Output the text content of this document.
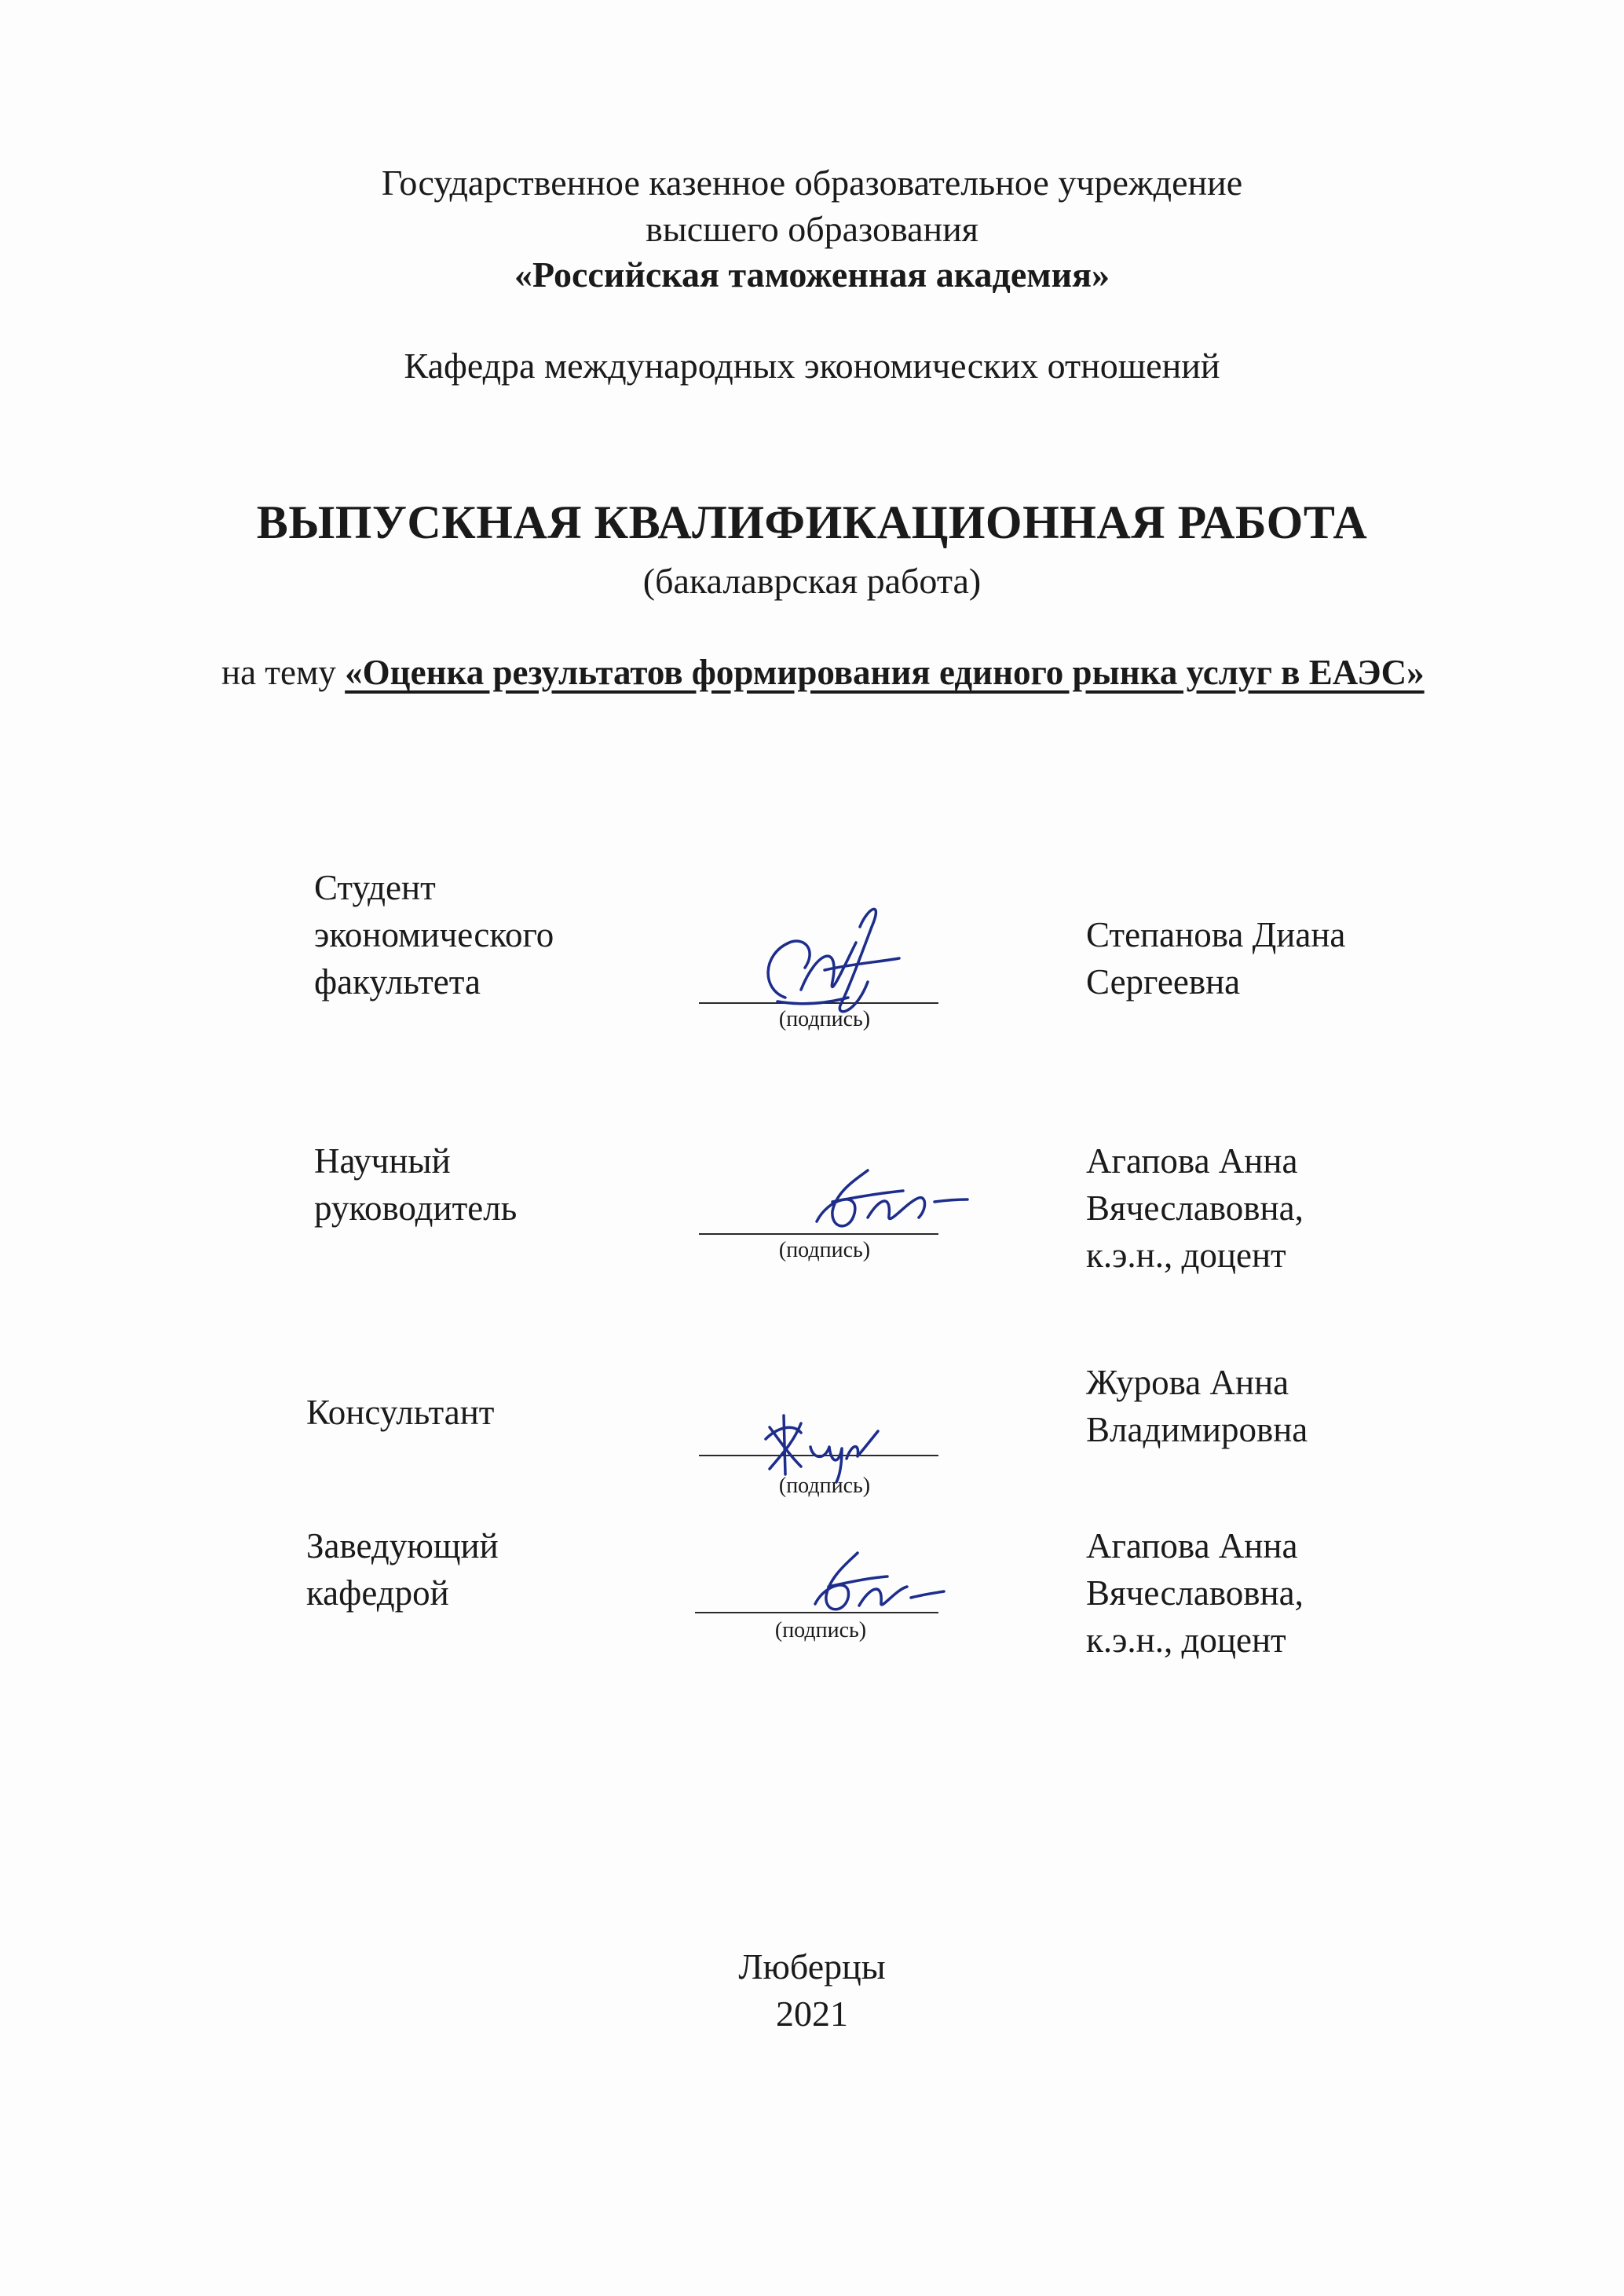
Государственное казенное образовательное учреждение
высшего образования
«Российская таможенная академия»
Кафедра международных экономических отношений
ВЫПУСКНАЯ КВАЛИФИКАЦИОННАЯ РАБОТА
(бакалаврская работа)
на тему «Оценка результатов формирования единого рынка услуг в ЕАЭС»
Студент
экономического
факультета
(подпись)
Степанова Диана
Сергеевна
Научный
руководитель
(подпись)
Агапова Анна
Вячеславовна,
к.э.н., доцент
Консультант
(подпись)
Журова Анна
Владимировна
Заведующий
кафедрой
(подпись)
Агапова Анна
Вячеславовна,
к.э.н., доцент
Люберцы
2021
